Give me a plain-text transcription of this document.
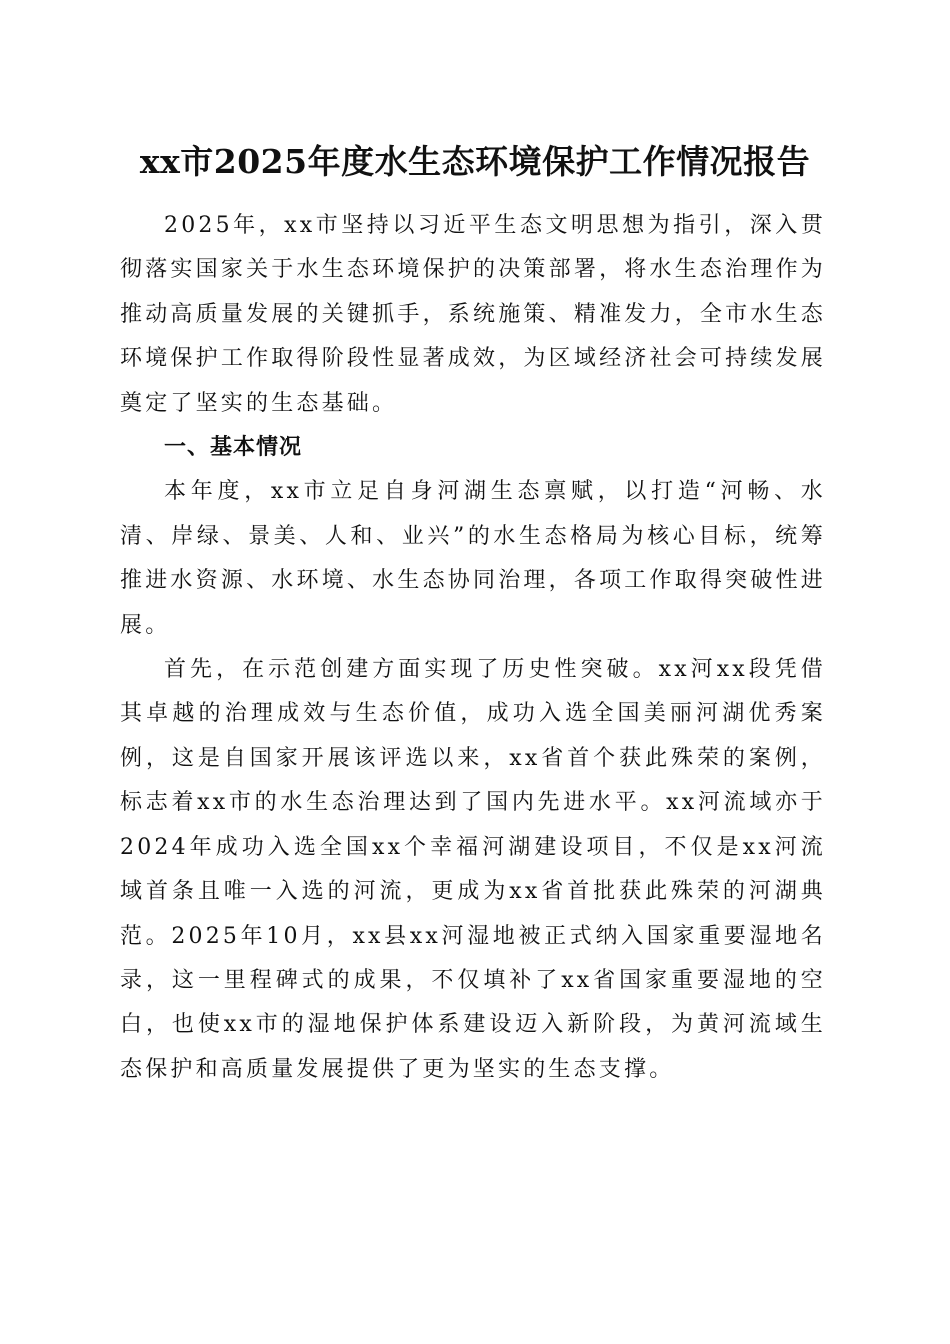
xx市2025年度水生态环境保护工作情况报告

2025年，xx市坚持以习近平生态文明思想为指引，深入贯彻落实国家关于水生态环境保护的决策部署，将水生态治理作为推动高质量发展的关键抓手，系统施策、精准发力，全市水生态环境保护工作取得阶段性显著成效，为区域经济社会可持续发展奠定了坚实的生态基础。

一、基本情况

本年度，xx市立足自身河湖生态禀赋，以打造“河畅、水清、岸绿、景美、人和、业兴”的水生态格局为核心目标，统筹推进水资源、水环境、水生态协同治理，各项工作取得突破性进展。

首先，在示范创建方面实现了历史性突破。xx河xx段凭借其卓越的治理成效与生态价值，成功入选全国美丽河湖优秀案例，这是自国家开展该评选以来，xx省首个获此殊荣的案例，标志着xx市的水生态治理达到了国内先进水平。xx河流域亦于2024年成功入选全国xx个幸福河湖建设项目，不仅是xx河流域首条且唯一入选的河流，更成为xx省首批获此殊荣的河湖典范。2025年10月，xx县xx河湿地被正式纳入国家重要湿地名录，这一里程碑式的成果，不仅填补了xx省国家重要湿地的空白，也使xx市的湿地保护体系建设迈入新阶段，为黄河流域生态保护和高质量发展提供了更为坚实的生态支撑。
